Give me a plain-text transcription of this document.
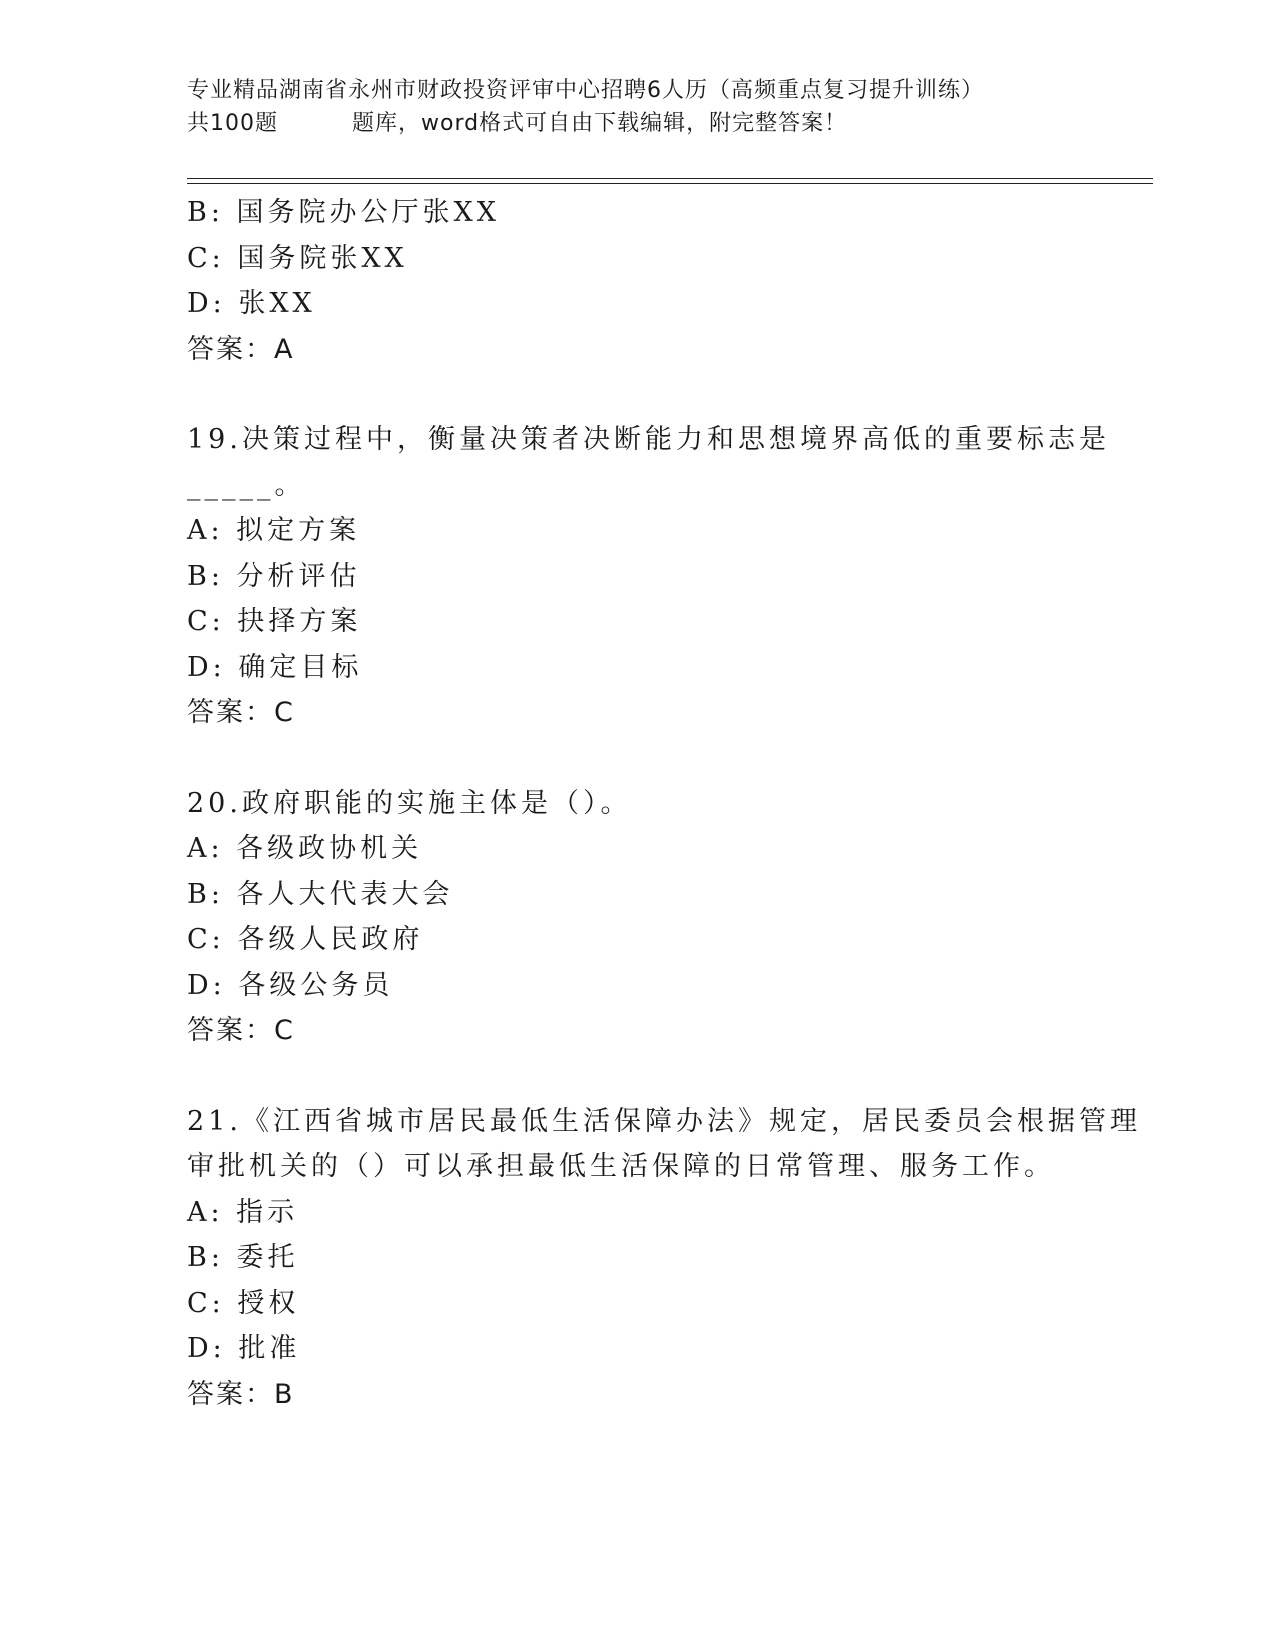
专业精品湖南省永州市财政投资评审中心招聘6人历（高频重点复习提升训练）
共100题	题库，word格式可自由下载编辑，附完整答案！
B: 国务院办公厅张XX
C: 国务院张XX
D: 张XX
答案：A
19.决策过程中，衡量决策者决断能力和思想境界高低的重要标志是
_____。
A: 拟定方案
B: 分析评估
C: 抉择方案
D: 确定目标
答案：C
20.政府职能的实施主体是（）。
A: 各级政协机关
B: 各人大代表大会
C: 各级人民政府
D: 各级公务员
答案：C
21.《江西省城市居民最低生活保障办法》规定，居民委员会根据管理
审批机关的（）可以承担最低生活保障的日常管理、服务工作。
A: 指示
B: 委托
C: 授权
D: 批准
答案：B
